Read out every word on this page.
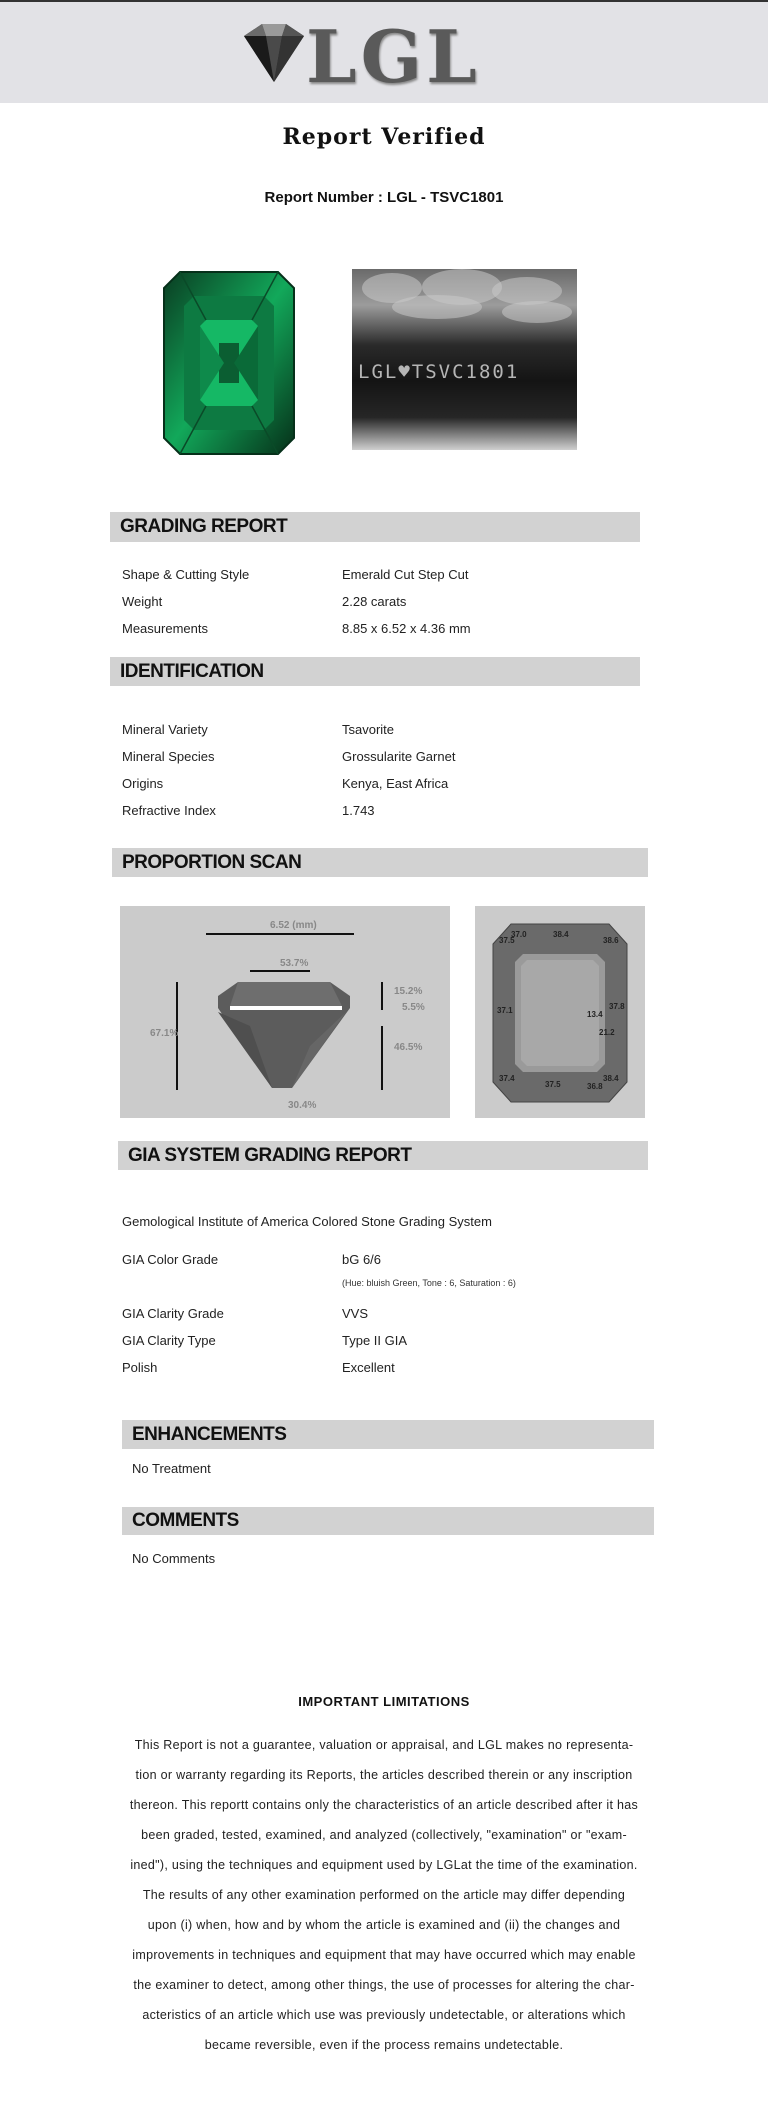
LGL
Report Verified
Report Number : LGL - TSVC1801
LGL♥TSVC1801
GRADING REPORT
Shape & Cutting Style	Emerald Cut Step Cut
Weight	2.28 carats
Measurements	8.85 x 6.52 x 4.36 mm
IDENTIFICATION
Mineral Variety	Tsavorite
Mineral Species	Grossularite Garnet
Origins	Kenya, East Africa
Refractive Index	1.743
PROPORTION SCAN
6.52 (mm)
53.7%
67.1%
15.2%
5.5%
46.5%
30.4%
37.5
37.0	38.4
38.6
37.1	13.4
37.8
21.2
37.4
37.5	36.8
38.4
GIA SYSTEM GRADING REPORT
Gemological Institute of America Colored Stone Grading System
GIA Color Grade	bG 6/6
(Hue: bluish Green, Tone : 6, Saturation : 6)
GIA Clarity Grade	VVS
GIA Clarity Type	Type II GIA
Polish	Excellent
ENHANCEMENTS
No Treatment
COMMENTS
No Comments
IMPORTANT LIMITATIONS
This Report is not a guarantee, valuation or appraisal, and LGL makes no representa-
tion or warranty regarding its Reports, the articles described therein or any inscription
thereon. This reportt contains only the characteristics of an article described after it has
been graded, tested, examined, and analyzed (collectively, "examination" or "exam-
ined"), using the techniques and equipment used by LGLat the time of the examination.
The results of any other examination performed on the article may differ depending
upon (i) when, how and by whom the article is examined and (ii) the changes and
improvements in techniques and equipment that may have occurred which may enable
the examiner to detect, among other things, the use of processes for altering the char-
acteristics of an article which use was previously undetectable, or alterations which
became reversible, even if the process remains undetectable.
